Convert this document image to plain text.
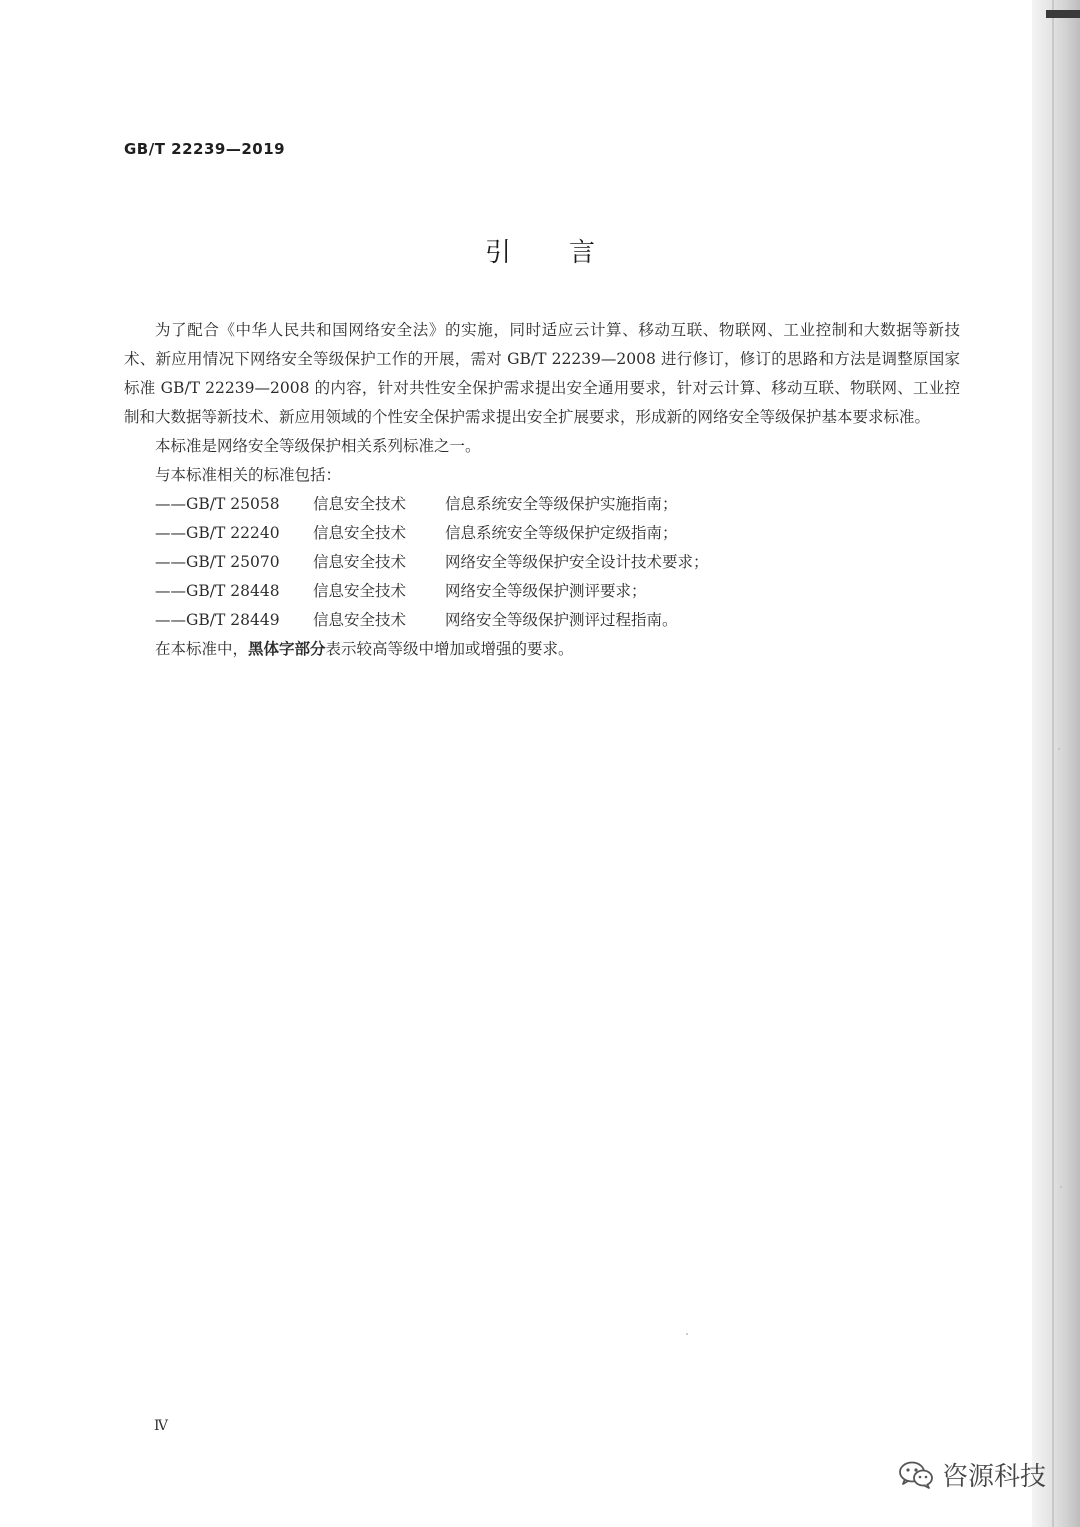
GB/T 22239—2019
引言

为了配合《中华人民共和国网络安全法》的实施，同时适应云计算、移动互联、物联网、工业控制和大数据等新技术、新应用情况下网络安全等级保护工作的开展，需对 GB/T 22239—2008 进行修订，修订的思路和方法是调整原国家标准 GB/T 22239—2008 的内容，针对共性安全保护需求提出安全通用要求，针对云计算、移动互联、物联网、工业控制和大数据等新技术、新应用领域的个性安全保护需求提出安全扩展要求，形成新的网络安全等级保护基本要求标准。

本标准是网络安全等级保护相关系列标准之一。

与本标准相关的标准包括：

——GB/T 25058 信息安全技术	信息系统安全等级保护实施指南；

——GB/T 22240 信息安全技术	信息系统安全等级保护定级指南；

——GB/T 25070 信息安全技术	网络安全等级保护安全设计技术要求；

——GB/T 28448 信息安全技术	网络安全等级保护测评要求；

——GB/T 28449 信息安全技术	网络安全等级保护测评过程指南。

在本标准中，黑体字部分表示较高等级中增加或增强的要求。

Ⅳ
咨源科技
